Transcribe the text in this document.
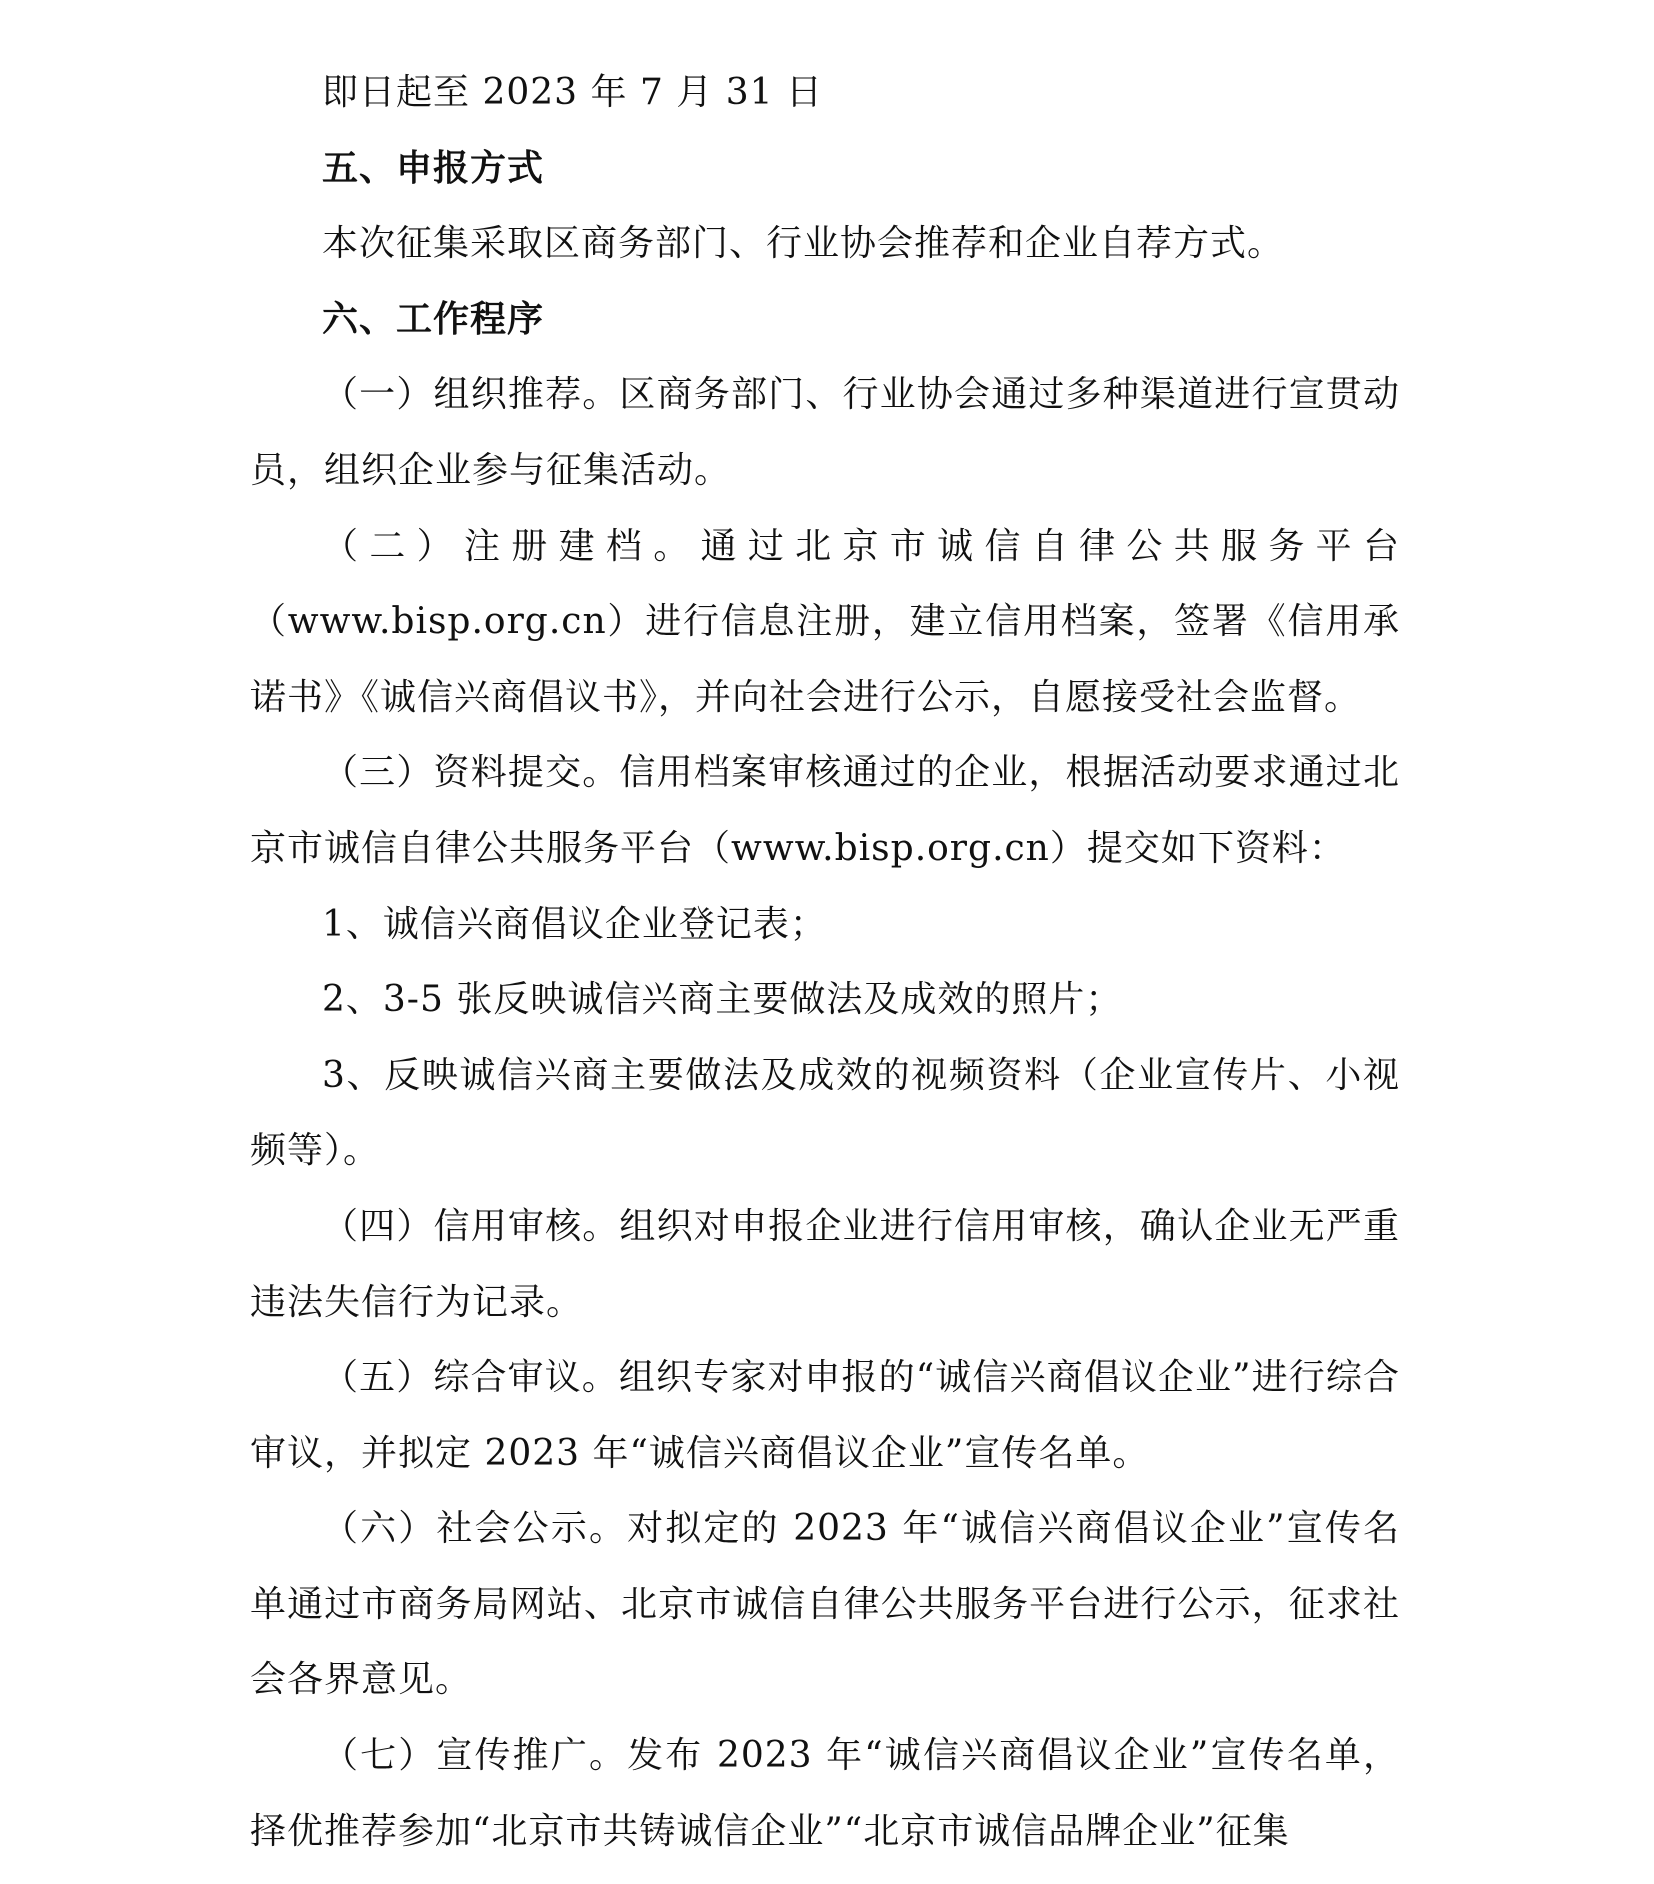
即日起至 2023 年 7 月 31 日

五、申报方式

本次征集采取区商务部门、行业协会推荐和企业自荐方式。

六、工作程序

（一）组织推荐。区商务部门、行业协会通过多种渠道进行宣贯动员，组织企业参与征集活动。

（二）注册建档。通过北京市诚信自律公共服务平台（www.bisp.org.cn）进行信息注册，建立信用档案，签署《信用承诺书》《诚信兴商倡议书》，并向社会进行公示，自愿接受社会监督。

（三）资料提交。信用档案审核通过的企业，根据活动要求通过北京市诚信自律公共服务平台（www.bisp.org.cn）提交如下资料：

1、诚信兴商倡议企业登记表；

2、3-5 张反映诚信兴商主要做法及成效的照片；

3、反映诚信兴商主要做法及成效的视频资料（企业宣传片、小视频等）。

（四）信用审核。组织对申报企业进行信用审核，确认企业无严重违法失信行为记录。

（五）综合审议。组织专家对申报的“诚信兴商倡议企业”进行综合审议，并拟定 2023 年“诚信兴商倡议企业”宣传名单。

（六）社会公示。对拟定的 2023 年“诚信兴商倡议企业”宣传名单通过市商务局网站、北京市诚信自律公共服务平台进行公示，征求社会各界意见。

（七）宣传推广。发布 2023 年“诚信兴商倡议企业”宣传名单，择优推荐参加“北京市共铸诚信企业”“北京市诚信品牌企业”征集
